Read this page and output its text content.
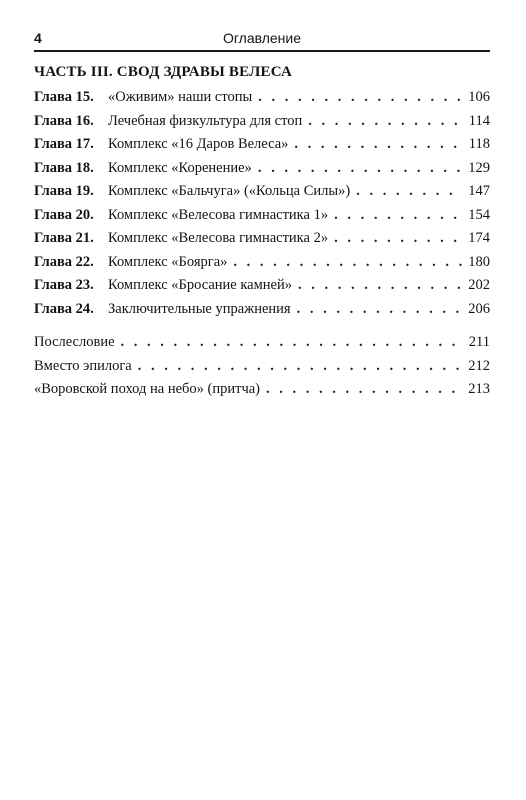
4	Оглавление
ЧАСТЬ III. СВОД ЗДРАВЫ ВЕЛЕСА
Глава 15. «Оживим» наши стопы . . .	106
Глава 16. Лечебная физкультура для стоп . . .	114
Глава 17. Комплекс «16 Даров Велеса» . . .	118
Глава 18. Комплекс «Коренение» . . .	129
Глава 19. Комплекс «Бальчуга» («Кольца Силы») . . .	147
Глава 20. Комплекс «Велесова гимнастика 1» . . .	154
Глава 21. Комплекс «Велесова гимнастика 2» . . .	174
Глава 22. Комплекс «Боярга» . . .	180
Глава 23. Комплекс «Бросание камней» . . .	202
Глава 24. Заключительные упражнения . . .	206
Послесловие . . .	211
Вместо эпилога . . .	212
«Воровской поход на небо» (притча) . . .	213
